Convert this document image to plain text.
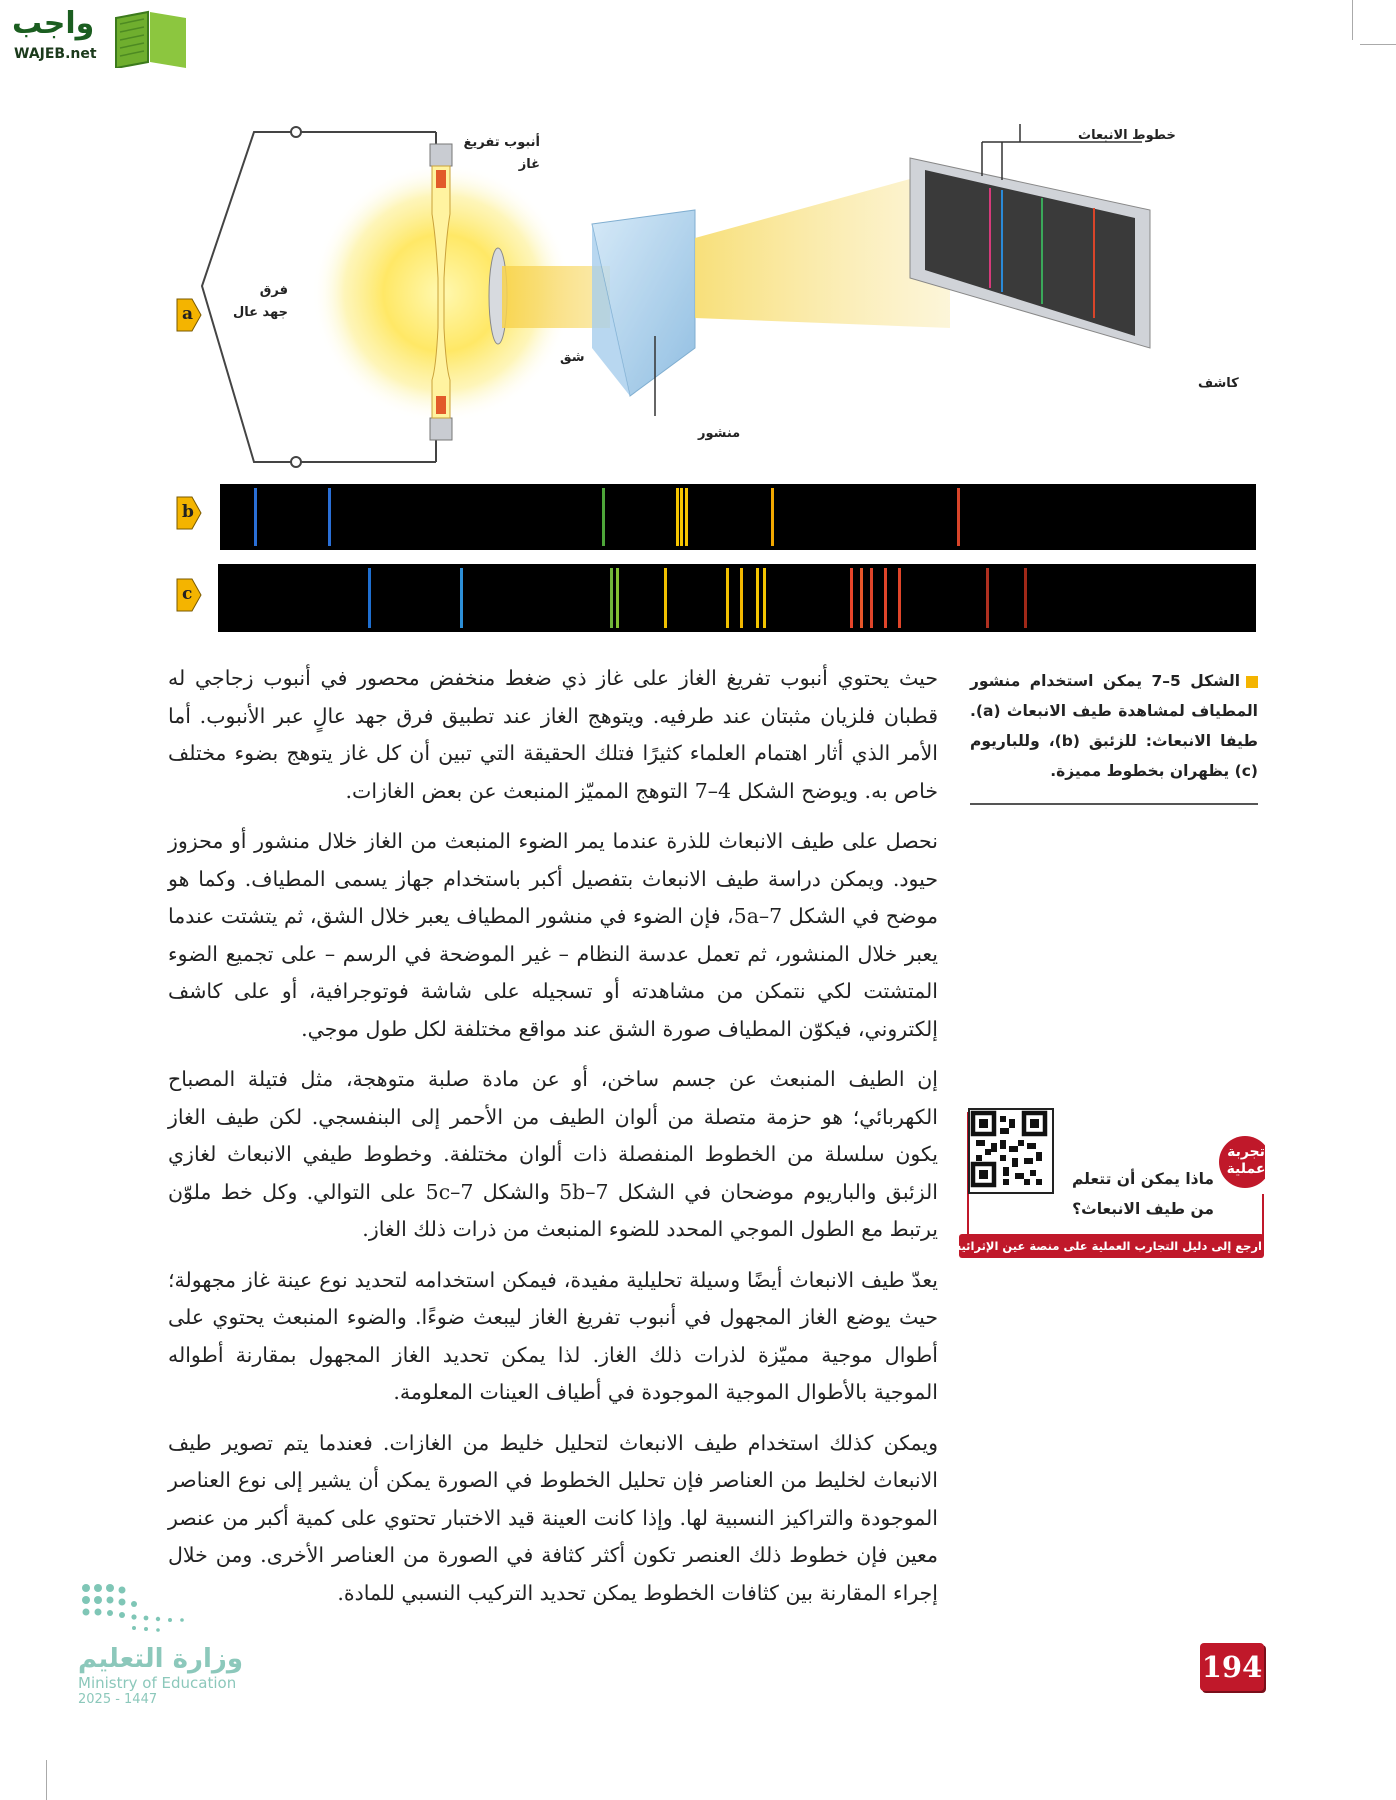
واجب
WAJEB.net
أنبوب تفريغ غاز
فرق جهد عال
شق
منشور
خطوط الانبعاث
كاشف
a
b
c
الشكل 5–7 يمكن استخدام منشور المطياف لمشاهدة طيف الانبعاث (a). طيفا الانبعاث: للزئبق (b)، وللباريوم (c) يظهران بخطوط مميزة.

حيث يحتوي أنبوب تفريغ الغاز على غاز ذي ضغط منخفض محصور في أنبوب زجاجي له قطبان فلزيان مثبتان عند طرفيه. ويتوهج الغاز عند تطبيق فرق جهد عالٍ عبر الأنبوب. أما الأمر الذي أثار اهتمام العلماء كثيرًا فتلك الحقيقة التي تبين أن كل غاز يتوهج بضوء مختلف خاص به. ويوضح الشكل 4–7 التوهج المميّز المنبعث عن بعض الغازات.

نحصل على طيف الانبعاث للذرة عندما يمر الضوء المنبعث من الغاز خلال منشور أو محزوز حيود. ويمكن دراسة طيف الانبعاث بتفصيل أكبر باستخدام جهاز يسمى المطياف. وكما هو موضح في الشكل 5a–7، فإن الضوء في منشور المطياف يعبر خلال الشق، ثم يتشتت عندما يعبر خلال المنشور، ثم تعمل عدسة النظام – غير الموضحة في الرسم – على تجميع الضوء المتشتت لكي نتمكن من مشاهدته أو تسجيله على شاشة فوتوجرافية، أو على كاشف إلكتروني، فيكوّن المطياف صورة الشق عند مواقع مختلفة لكل طول موجي.

إن الطيف المنبعث عن جسم ساخن، أو عن مادة صلبة متوهجة، مثل فتيلة المصباح الكهربائي؛ هو حزمة متصلة من ألوان الطيف من الأحمر إلى البنفسجي. لكن طيف الغاز يكون سلسلة من الخطوط المنفصلة ذات ألوان مختلفة. وخطوط طيفي الانبعاث لغازي الزئبق والباريوم موضحان في الشكل 5b–7 والشكل 5c–7 على التوالي. وكل خط ملوّن يرتبط مع الطول الموجي المحدد للضوء المنبعث من ذرات ذلك الغاز.

يعدّ طيف الانبعاث أيضًا وسيلة تحليلية مفيدة، فيمكن استخدامه لتحديد نوع عينة غاز مجهولة؛ حيث يوضع الغاز المجهول في أنبوب تفريغ الغاز ليبعث ضوءًا. والضوء المنبعث يحتوي على أطوال موجية مميّزة لذرات ذلك الغاز. لذا يمكن تحديد الغاز المجهول بمقارنة أطواله الموجية بالأطوال الموجية الموجودة في أطياف العينات المعلومة.

ويمكن كذلك استخدام طيف الانبعاث لتحليل خليط من الغازات. فعندما يتم تصوير طيف الانبعاث لخليط من العناصر فإن تحليل الخطوط في الصورة يمكن أن يشير إلى نوع العناصر الموجودة والتراكيز النسبية لها. وإذا كانت العينة قيد الاختبار تحتوي على كمية أكبر من عنصر معين فإن خطوط ذلك العنصر تكون أكثر كثافة في الصورة من العناصر الأخرى. ومن خلال إجراء المقارنة بين كثافات الخطوط يمكن تحديد التركيب النسبي للمادة.

تجربة عملية
ماذا يمكن أن تتعلم من طيف الانبعاث؟
ارجع إلى دليل التجارب العملية على منصة عين الإثرائية
وزارة التعليم
Ministry of Education
2025 - 1447
194
